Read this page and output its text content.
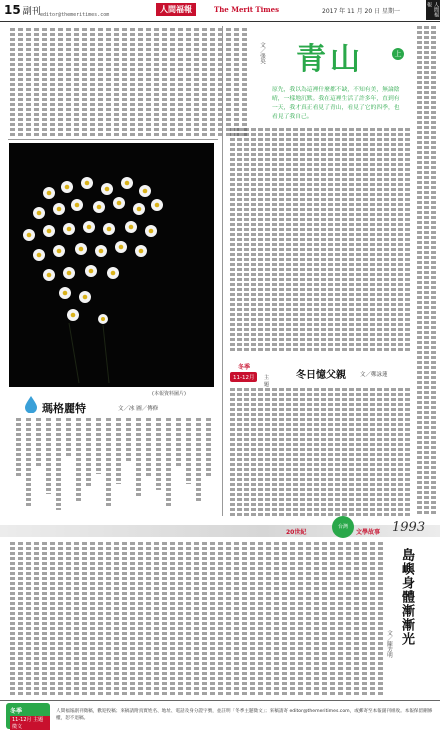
15 副刊 editor@themeritimes.com
人間福報	The Merit Times	2017 年 11 月 20 日 星期一	人間福報
青山	上
文／張央
原先，我以為這裡什麼都不缺，不知有美，無論陰晴，一樣地沉默。我在這裡生活了許多年，直到有一天，我才真正看見了青山，看見了它的四季，也看見了我自己。
(本報資料圖片)
瑪格麗特	文／冰 圖／傳修
冬季
11-12月	主題
冬日憶父親	文／鄭詠蓮
20世紀
台灣
文學故事 1993
島嶼身體漸漸光
文／陳芳明
冬季
11-12月 主題徵文
人間福報副刊徵稿，歡迎投稿；來稿請附真實姓名、地址、電話及身分證字號，並註明「冬季主題徵文」；來稿請寄 editor@themeritimes.com，或郵寄至本報副刊組收。本報保留刪修權，恕不退稿。
